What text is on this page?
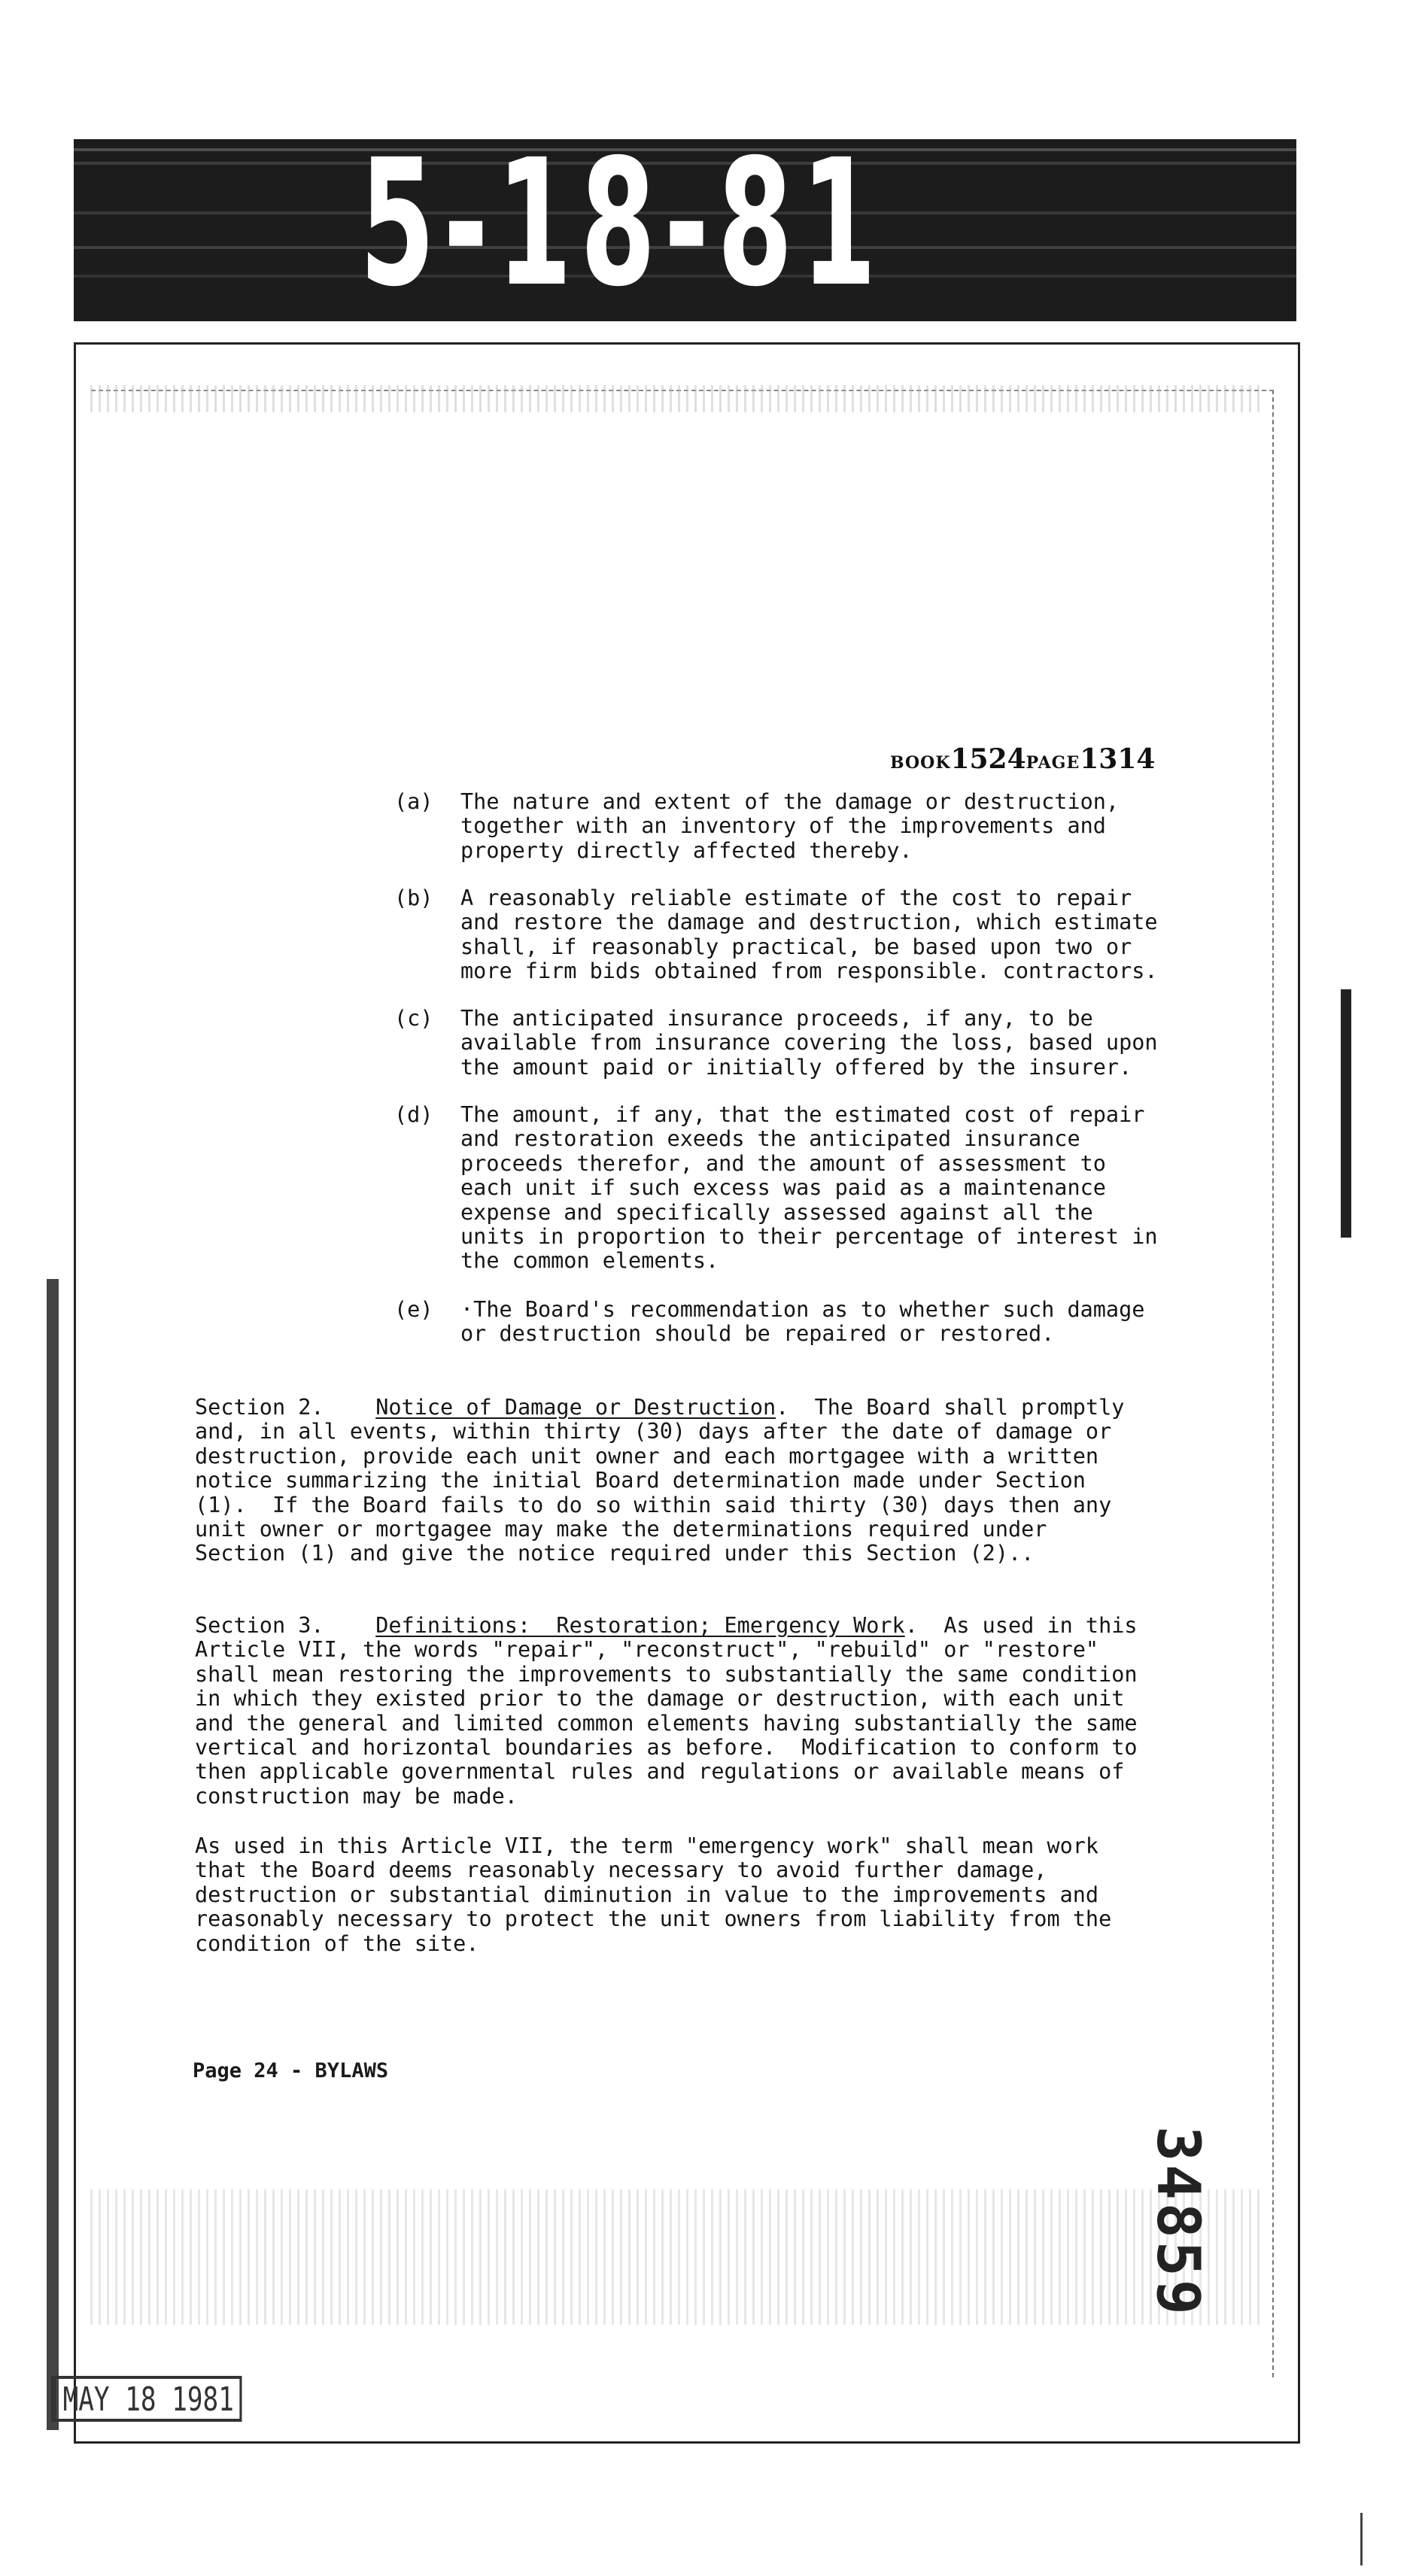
5-18-81
BOOK1524PAGE1314

(a)

The nature and extent of the damage or destruction,
together with an inventory of the improvements and
property directly affected thereby.

(b)

A reasonably reliable estimate of the cost to repair
and restore the damage and destruction, which estimate
shall, if reasonably practical, be based upon two or
more firm bids obtained from responsible. contractors.

(c)

The anticipated insurance proceeds, if any, to be
available from insurance covering the loss, based upon
the amount paid or initially offered by the insurer.

(d)

The amount, if any, that the estimated cost of repair
and restoration exeeds the anticipated insurance
proceeds therefor, and the amount of assessment to
each unit if such excess was paid as a maintenance
expense and specifically assessed against all the
units in proportion to their percentage of interest in
the common elements.

(e)

·The Board's recommendation as to whether such damage
or destruction should be repaired or restored.

Section 2.    Notice of Damage or Destruction.  The Board shall promptly
and, in all events, within thirty (30) days after the date of damage or
destruction, provide each unit owner and each mortgagee with a written
notice summarizing the initial Board determination made under Section
(1).  If the Board fails to do so within said thirty (30) days then any
unit owner or mortgagee may make the determinations required under
Section (1) and give the notice required under this Section (2)..
Section 3.    Definitions:  Restoration; Emergency Work.  As used in this
Article VII, the words "repair", "reconstruct", "rebuild" or "restore"
shall mean restoring the improvements to substantially the same condition
in which they existed prior to the damage or destruction, with each unit
and the general and limited common elements having substantially the same
vertical and horizontal boundaries as before.  Modification to conform to
then applicable governmental rules and regulations or available means of
construction may be made.
As used in this Article VII, the term "emergency work" shall mean work
that the Board deems reasonably necessary to avoid further damage,
destruction or substantial diminution in value to the improvements and
reasonably necessary to protect the unit owners from liability from the
condition of the site.
Page 24 - BYLAWS
34859
MAY 18 1981
